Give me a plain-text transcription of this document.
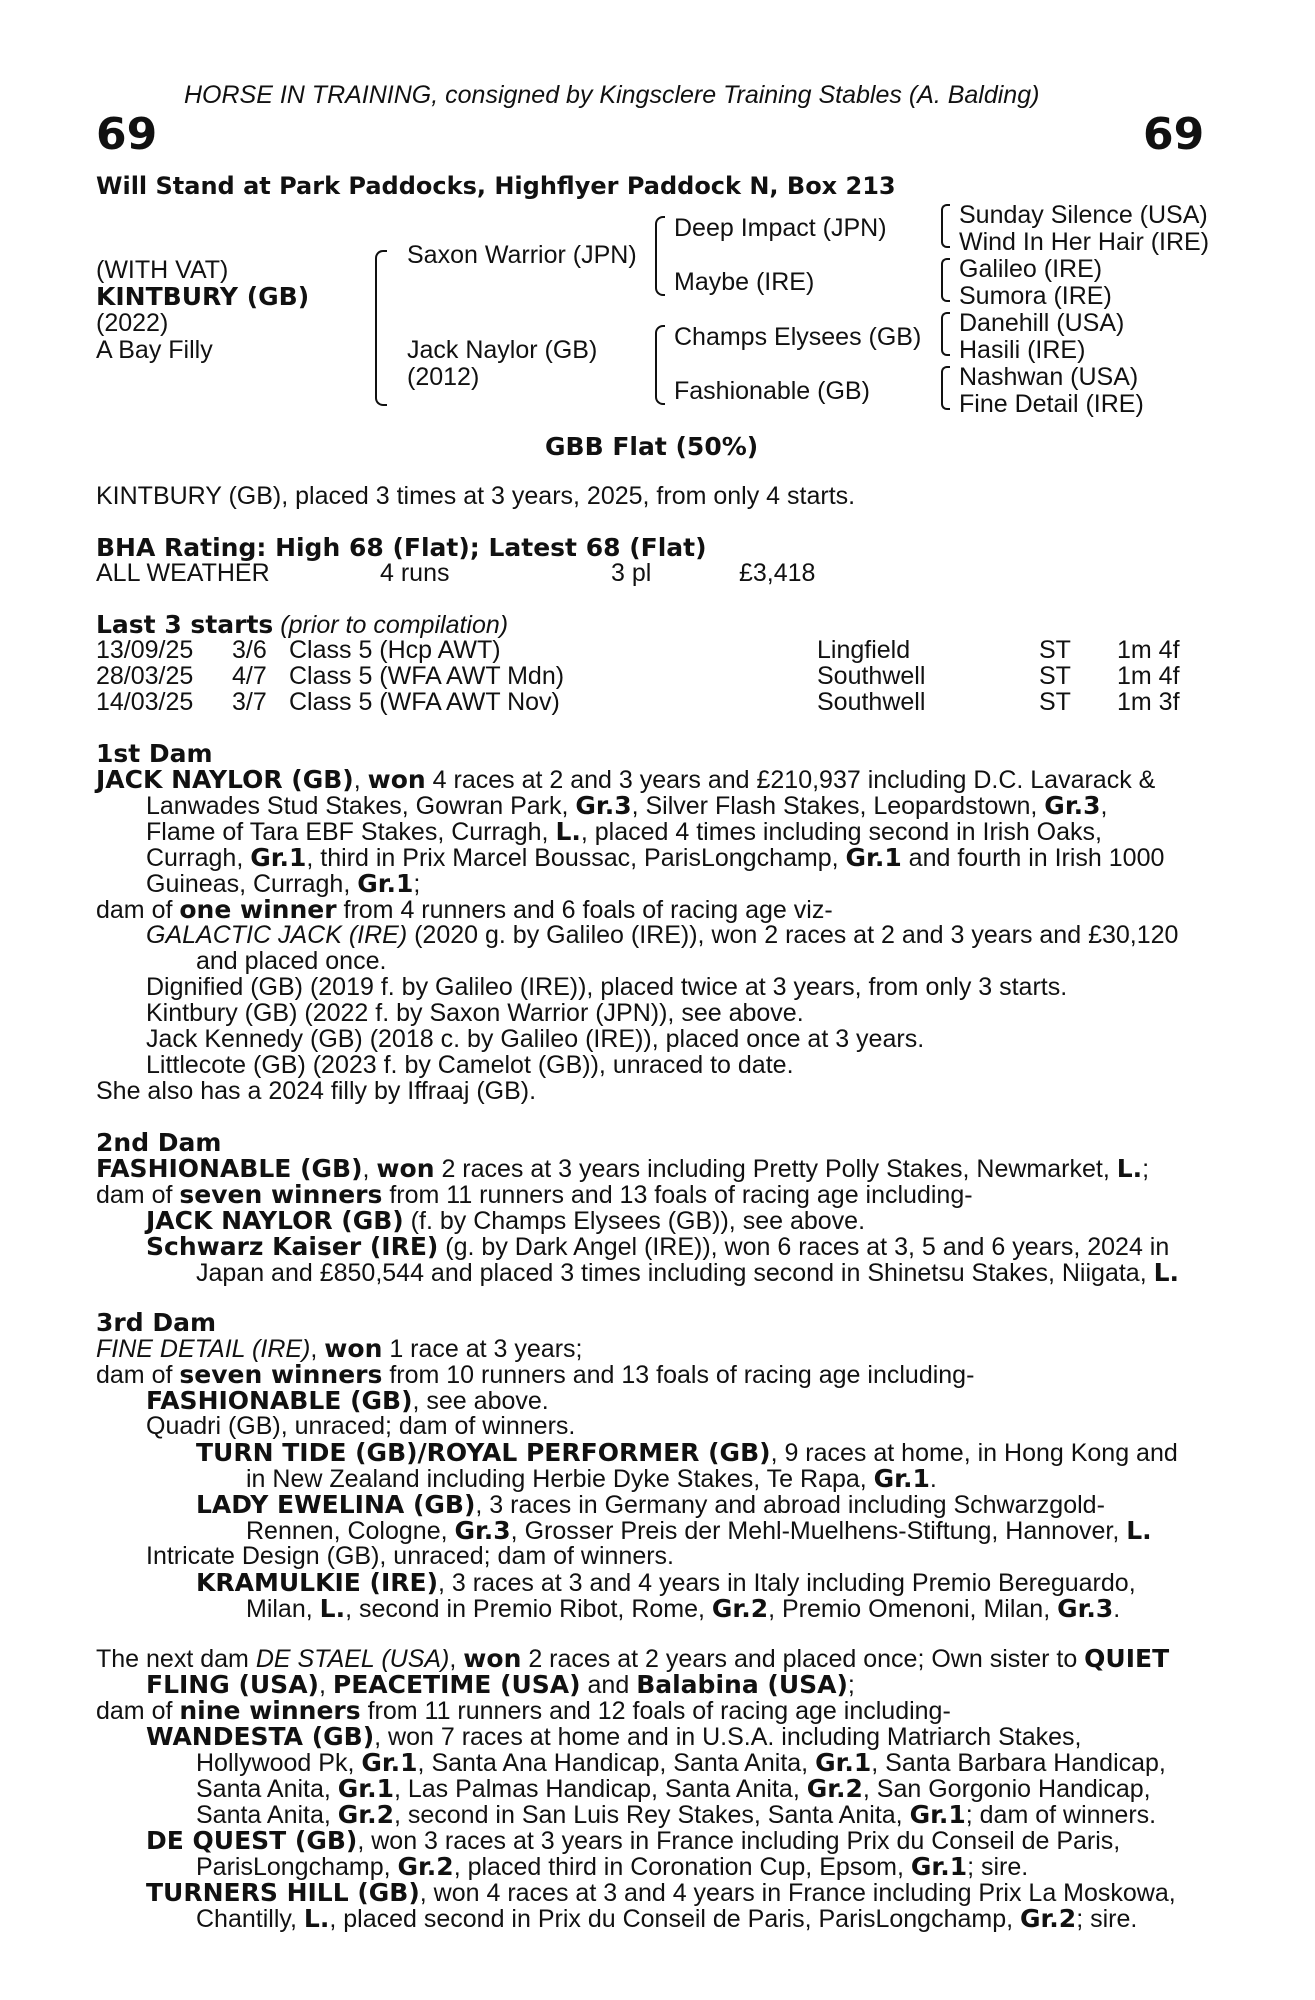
HORSE IN TRAINING, consigned by Kingsclere Training Stables (A. Balding)
69	69
Will Stand at Park Paddocks, Highflyer Paddock N, Box 213
(WITH VAT)
KINTBURY (GB)
(2022)
A Bay Filly
Saxon Warrior (JPN)
Jack Naylor (GB)
(2012)
Deep Impact (JPN)
Maybe (IRE)
Champs Elysees (GB)
Fashionable (GB)
Sunday Silence (USA)
Wind In Her Hair (IRE)
Galileo (IRE)
Sumora (IRE)
Danehill (USA)
Hasili (IRE)
Nashwan (USA)
Fine Detail (IRE)
GBB Flat (50%)
KINTBURY (GB), placed 3 times at 3 years, 2025, from only 4 starts.
BHA Rating: High 68 (Flat); Latest 68 (Flat)
ALL WEATHER	4 runs	3 pl	£3,418
Last 3 starts (prior to compilation)
13/09/25 3/6 Class 5 (Hcp AWT)	Lingfield	ST 1m 4f
28/03/25 4/7 Class 5 (WFA AWT Mdn)	Southwell	ST 1m 4f
14/03/25 3/7 Class 5 (WFA AWT Nov)	Southwell	ST 1m 3f
1st Dam
JACK NAYLOR (GB), won 4 races at 2 and 3 years and £210,937 including D.C. Lavarack &
Lanwades Stud Stakes, Gowran Park, Gr.3, Silver Flash Stakes, Leopardstown, Gr.3,
Flame of Tara EBF Stakes, Curragh, L., placed 4 times including second in Irish Oaks,
Curragh, Gr.1, third in Prix Marcel Boussac, ParisLongchamp, Gr.1 and fourth in Irish 1000
Guineas, Curragh, Gr.1;
dam of one winner from 4 runners and 6 foals of racing age viz-
GALACTIC JACK (IRE) (2020 g. by Galileo (IRE)), won 2 races at 2 and 3 years and £30,120
and placed once.
Dignified (GB) (2019 f. by Galileo (IRE)), placed twice at 3 years, from only 3 starts.
Kintbury (GB) (2022 f. by Saxon Warrior (JPN)), see above.
Jack Kennedy (GB) (2018 c. by Galileo (IRE)), placed once at 3 years.
Littlecote (GB) (2023 f. by Camelot (GB)), unraced to date.
She also has a 2024 filly by Iffraaj (GB).
2nd Dam
FASHIONABLE (GB), won 2 races at 3 years including Pretty Polly Stakes, Newmarket, L.;
dam of seven winners from 11 runners and 13 foals of racing age including-
JACK NAYLOR (GB) (f. by Champs Elysees (GB)), see above.
Schwarz Kaiser (IRE) (g. by Dark Angel (IRE)), won 6 races at 3, 5 and 6 years, 2024 in
Japan and £850,544 and placed 3 times including second in Shinetsu Stakes, Niigata, L.
3rd Dam
FINE DETAIL (IRE), won 1 race at 3 years;
dam of seven winners from 10 runners and 13 foals of racing age including-
FASHIONABLE (GB), see above.
Quadri (GB), unraced; dam of winners.
TURN TIDE (GB)/ROYAL PERFORMER (GB), 9 races at home, in Hong Kong and
in New Zealand including Herbie Dyke Stakes, Te Rapa, Gr.1.
LADY EWELINA (GB), 3 races in Germany and abroad including Schwarzgold-
Rennen, Cologne, Gr.3, Grosser Preis der Mehl-Muelhens-Stiftung, Hannover, L.
Intricate Design (GB), unraced; dam of winners.
KRAMULKIE (IRE), 3 races at 3 and 4 years in Italy including Premio Bereguardo,
Milan, L., second in Premio Ribot, Rome, Gr.2, Premio Omenoni, Milan, Gr.3.
The next dam DE STAEL (USA), won 2 races at 2 years and placed once; Own sister to QUIET
FLING (USA), PEACETIME (USA) and Balabina (USA);
dam of nine winners from 11 runners and 12 foals of racing age including-
WANDESTA (GB), won 7 races at home and in U.S.A. including Matriarch Stakes,
Hollywood Pk, Gr.1, Santa Ana Handicap, Santa Anita, Gr.1, Santa Barbara Handicap,
Santa Anita, Gr.1, Las Palmas Handicap, Santa Anita, Gr.2, San Gorgonio Handicap,
Santa Anita, Gr.2, second in San Luis Rey Stakes, Santa Anita, Gr.1; dam of winners.
DE QUEST (GB), won 3 races at 3 years in France including Prix du Conseil de Paris,
ParisLongchamp, Gr.2, placed third in Coronation Cup, Epsom, Gr.1; sire.
TURNERS HILL (GB), won 4 races at 3 and 4 years in France including Prix La Moskowa,
Chantilly, L., placed second in Prix du Conseil de Paris, ParisLongchamp, Gr.2; sire.
